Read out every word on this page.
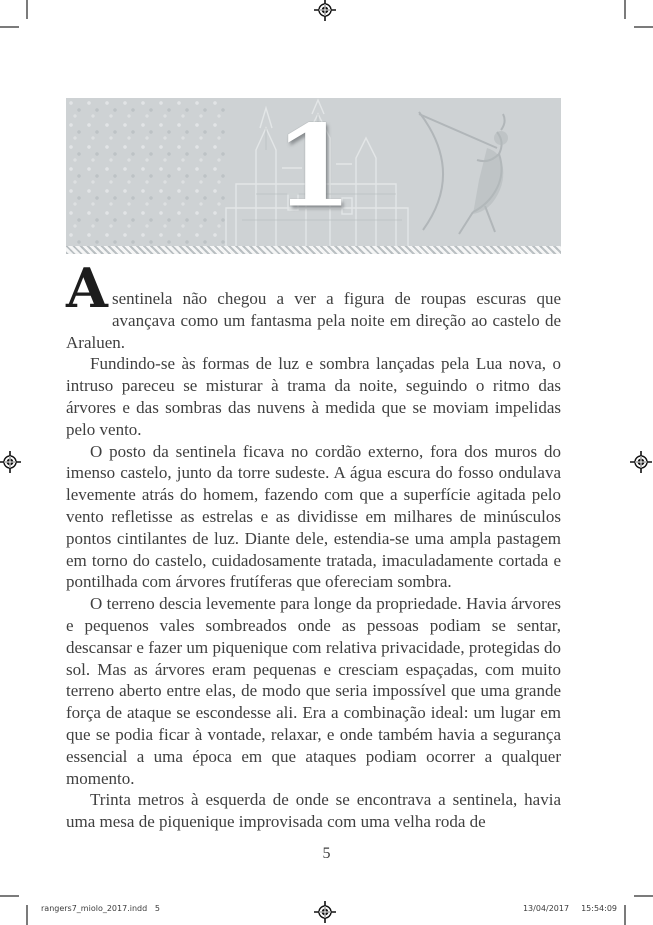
1

A sentinela não chegou a ver a figura de roupas escuras que avançava como um fantasma pela noite em direção ao castelo de Araluen.

Fundindo-se às formas de luz e sombra lançadas pela Lua nova, o intruso pareceu se misturar à trama da noite, seguindo o ritmo das árvores e das sombras das nuvens à medida que se moviam impelidas pelo vento.

O posto da sentinela ficava no cordão externo, fora dos muros do imenso castelo, junto da torre sudeste. A água escura do fosso ondulava levemente atrás do homem, fazendo com que a superfície agitada pelo vento refletisse as estrelas e as dividisse em milhares de minúsculos pontos cintilantes de luz. Diante dele, estendia-se uma ampla pastagem em torno do castelo, cuidadosamente tratada, imaculadamente cortada e pontilhada com árvores frutíferas que ofereciam sombra.

O terreno descia levemente para longe da propriedade. Havia árvores e pequenos vales sombreados onde as pessoas podiam se sentar, descansar e fazer um piquenique com relativa privacidade, protegidas do sol. Mas as árvores eram pequenas e cresciam espaçadas, com muito terreno aberto entre elas, de modo que seria impossível que uma grande força de ataque se escondesse ali. Era a combinação ideal: um lugar em que se podia ficar à vontade, relaxar, e onde também havia a segurança essencial a uma época em que ataques podiam ocorrer a qualquer momento.

Trinta metros à esquerda de onde se encontrava a sentinela, havia uma mesa de piquenique improvisada com uma velha roda de

5
rangers7_miolo_2017.indd   5	13/04/2017 15:54:09
